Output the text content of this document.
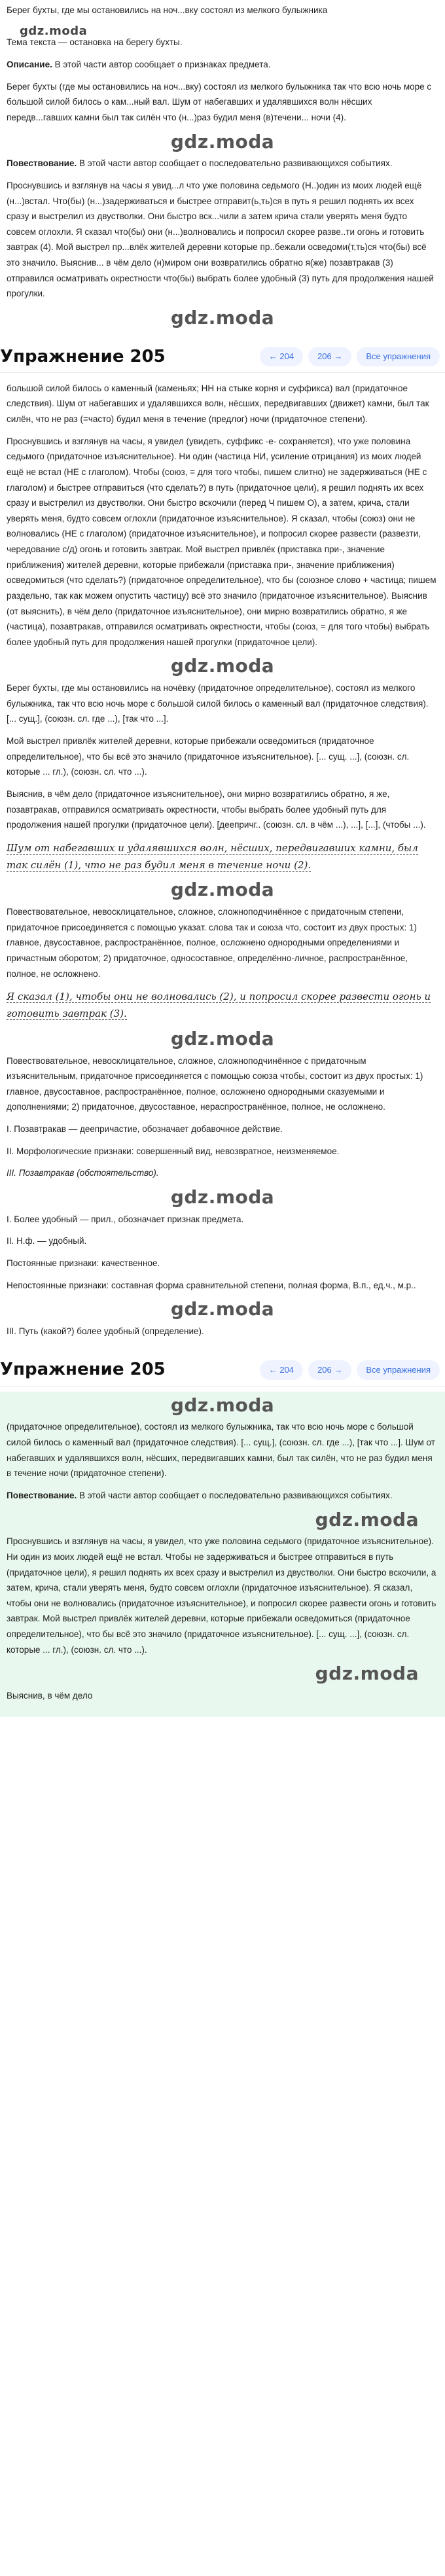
Берег бухты, где мы остановились на ноч...вку состоял из мелкого булыжника

gdz.moda

Тема текста — остановка на берегу бухты.

Описание. В этой части автор сообщает о признаках предмета.

Берег бухты (где мы остановились на ноч...вку) состоял из мелкого булыжника так что всю ночь море с большой силой билось о кам...ный вал. Шум от набегавших и удалявшихся волн нёсших передв...гавших камни был так силён что (н...)раз будил меня (в)течени... ночи (4).

gdz.moda

Повествование. В этой части автор сообщает о последовательно развивающихся событиях.

Проснувшись и взглянув на часы я увид...л что уже половина седьмого (Н..)один из моих людей ещё (н...)встал. Что(бы) (н...)задерживаться и быстрее отправит(ь,ть)ся в путь я решил поднять их всех сразу и выстрелил из двустволки. Они быстро вск...чили а затем крича стали уверять меня будто совсем оглохли. Я сказал что(бы) они (н...)волновались и попросил скорее разве..ти огонь и готовить завтрак (4). Мой выстрел пр...влёк жителей деревни которые пр..бежали осведоми(т,ть)ся что(бы) всё это значило. Выяснив... в чём дело (н)миром они возвратились обратно я(же) позавтракав (3) отправился осматривать окрестности что(бы) выбрать более удобный (3) путь для продолжения нашей прогулки.

gdz.moda
Упражнение 205	← 204	206 →	Все упражнения

большой силой билось о каменный (каменьях; НН на стыке корня и суффикса) вал (придаточное следствия). Шум от набегавших и удалявшихся волн, нёсших, передвигавших (движет) камни, был так силён, что не раз (=часто) будил меня в течение (предлог) ночи (придаточное степени).

Проснувшись и взглянув на часы, я увидел (увидеть, суффикс -е- сохраняется), что уже половина седьмого (придаточное изъяснительное). Ни один (частица НИ, усиление отрицания) из моих людей ещё не встал (НЕ с глаголом). Чтобы (союз, = для того чтобы, пишем слитно) не задерживаться (НЕ с глаголом) и быстрее отправиться (что сделать?) в путь (придаточное цели), я решил поднять их всех сразу и выстрелил из двустволки. Они быстро вскочили (перед Ч пишем О), а затем, крича, стали уверять меня, будто совсем оглохли (придаточное изъяснительное). Я сказал, чтобы (союз) они не волновались (НЕ с глаголом) (придаточное изъяснительное), и попросил скорее развести (развезти, чередование с/д) огонь и готовить завтрак. Мой выстрел привлёк (приставка при-, значение приближения) жителей деревни, которые прибежали (приставка при-, значение приближения) осведомиться (что сделать?) (придаточное определительное), что бы (союзное слово + частица; пишем раздельно, так как можем опустить частицу) всё это значило (придаточное изъяснительное). Выяснив (от выяснить), в чём дело (придаточное изъяснительное), они мирно возвратились обратно, я же (частица), позавтракав, отправился осматривать окрестности, чтобы (союз, = для того чтобы) выбрать более удобный путь для продолжения нашей прогулки (придаточное цели).

gdz.moda

Берег бухты, где мы остановились на ночёвку (придаточное определительное), состоял из мелкого булыжника, так что всю ночь море с большой силой билось о каменный вал (придаточное следствия). [... сущ.], (союзн. сл. где ...), [так что ...].

Мой выстрел привлёк жителей деревни, которые прибежали осведомиться (придаточное определительное), что бы всё это значило (придаточное изъяснительное). [... сущ. ...], (союзн. сл. которые ... гл.), (союзн. сл. что ...).

Выяснив, в чём дело (придаточное изъяснительное), они мирно возвратились обратно, я же, позавтракав, отправился осматривать окрестности, чтобы выбрать более удобный путь для продолжения нашей прогулки (придаточное цели). [деепричг.. (союзн. сл. в чём ...), ...], [...], (чтобы ...).

Шум от набегавших и удалявшихся волн, нёсших, передвигавших камни, был так силён (1), что не раз будил меня в течение ночи (2).
gdz.moda

Повествовательное, невосклицательное, сложное, сложноподчинённое с придаточным степени, придаточное присоединяется с помощью указат. слова так и союза что, состоит из двух простых: 1) главное, двусоставное, распространённое, полное, осложнено однородными определениями и причастным оборотом; 2) придаточное, односоставное, определённо-личное, распространённое, полное, не осложнено.

Я сказал (1), чтобы они не волновались (2), и попросил скорее развести огонь и готовить завтрак (3).
gdz.moda

Повествовательное, невосклицательное, сложное, сложноподчинённое с придаточным изъяснительным, придаточное присоединяется с помощью союза чтобы, состоит из двух простых: 1) главное, двусоставное, распространённое, полное, осложнено однородными сказуемыми и дополнениями; 2) придаточное, двусоставное, нераспространённое, полное, не осложнено.

I. Позавтракав — деепричастие, обозначает добавочное действие.

II. Морфологические признаки: совершенный вид, невозвратное, неизменяемое.

III. Позавтракав (обстоятельство).

gdz.moda

I. Более удобный — прил., обозначает признак предмета.

II. Н.ф. — удобный.

Постоянные признаки: качественное.

Непостоянные признаки: составная форма сравнительной степени, полная форма, В.п., ед.ч., м.р..

gdz.moda

III. Путь (какой?) более удобный (определение).

Упражнение 205	← 204	206 →	Все упражнения
gdz.moda

(придаточное определительное), состоял из мелкого булыжника, так что всю ночь море с большой силой билось о каменный вал (придаточное следствия). [... сущ.], (союзн. сл. где ...), [так что ...]. Шум от набегавших и удалявшихся волн, нёсших, передвигавших камни, был так силён, что не раз будил меня в течение ночи (придаточное степени).

Повествование. В этой части автор сообщает о последовательно развивающихся событиях.

gdz.moda

Проснувшись и взглянув на часы, я увидел, что уже половина седьмого (придаточное изъяснительное). Ни один из моих людей ещё не встал. Чтобы не задерживаться и быстрее отправиться в путь (придаточное цели), я решил поднять их всех сразу и выстрелил из двустволки. Они быстро вскочили, а затем, крича, стали уверять меня, будто совсем оглохли (придаточное изъяснительное). Я сказал, чтобы они не волновались (придаточное изъяснительное), и попросил скорее развести огонь и готовить завтрак. Мой выстрел привлёк жителей деревни, которые прибежали осведомиться (придаточное определительное), что бы всё это значило (придаточное изъяснительное). [... сущ. ...], (союзн. сл. которые ... гл.), (союзн. сл. что ...).

gdz.moda

Выяснив, в чём дело
